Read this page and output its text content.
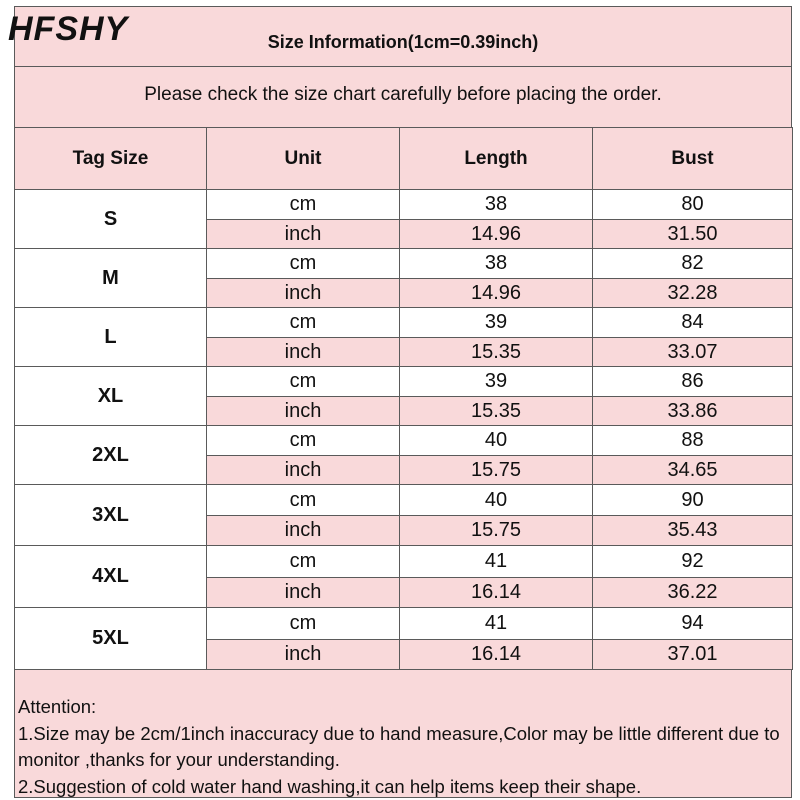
HFSHY	Size Information(1cm=0.39inch)
Please check the size chart carefully before placing the order.
Tag Size	Unit	Length	Bust
S	cm	38	80
	inch	14.96	31.50
M	cm	38	82
	inch	14.96	32.28
L	cm	39	84
	inch	15.35	33.07
XL	cm	39	86
	inch	15.35	33.86
2XL	cm	40	88
	inch	15.75	34.65
3XL	cm	40	90
	inch	15.75	35.43
4XL	cm	41	92
	inch	16.14	36.22
5XL	cm	41	94
	inch	16.14	37.01
Attention:
1.Size may be 2cm/1inch inaccuracy due to hand measure,Color may be little different due to monitor ,thanks for your understanding.
2.Suggestion of cold water hand washing,it can help items keep their shape.
